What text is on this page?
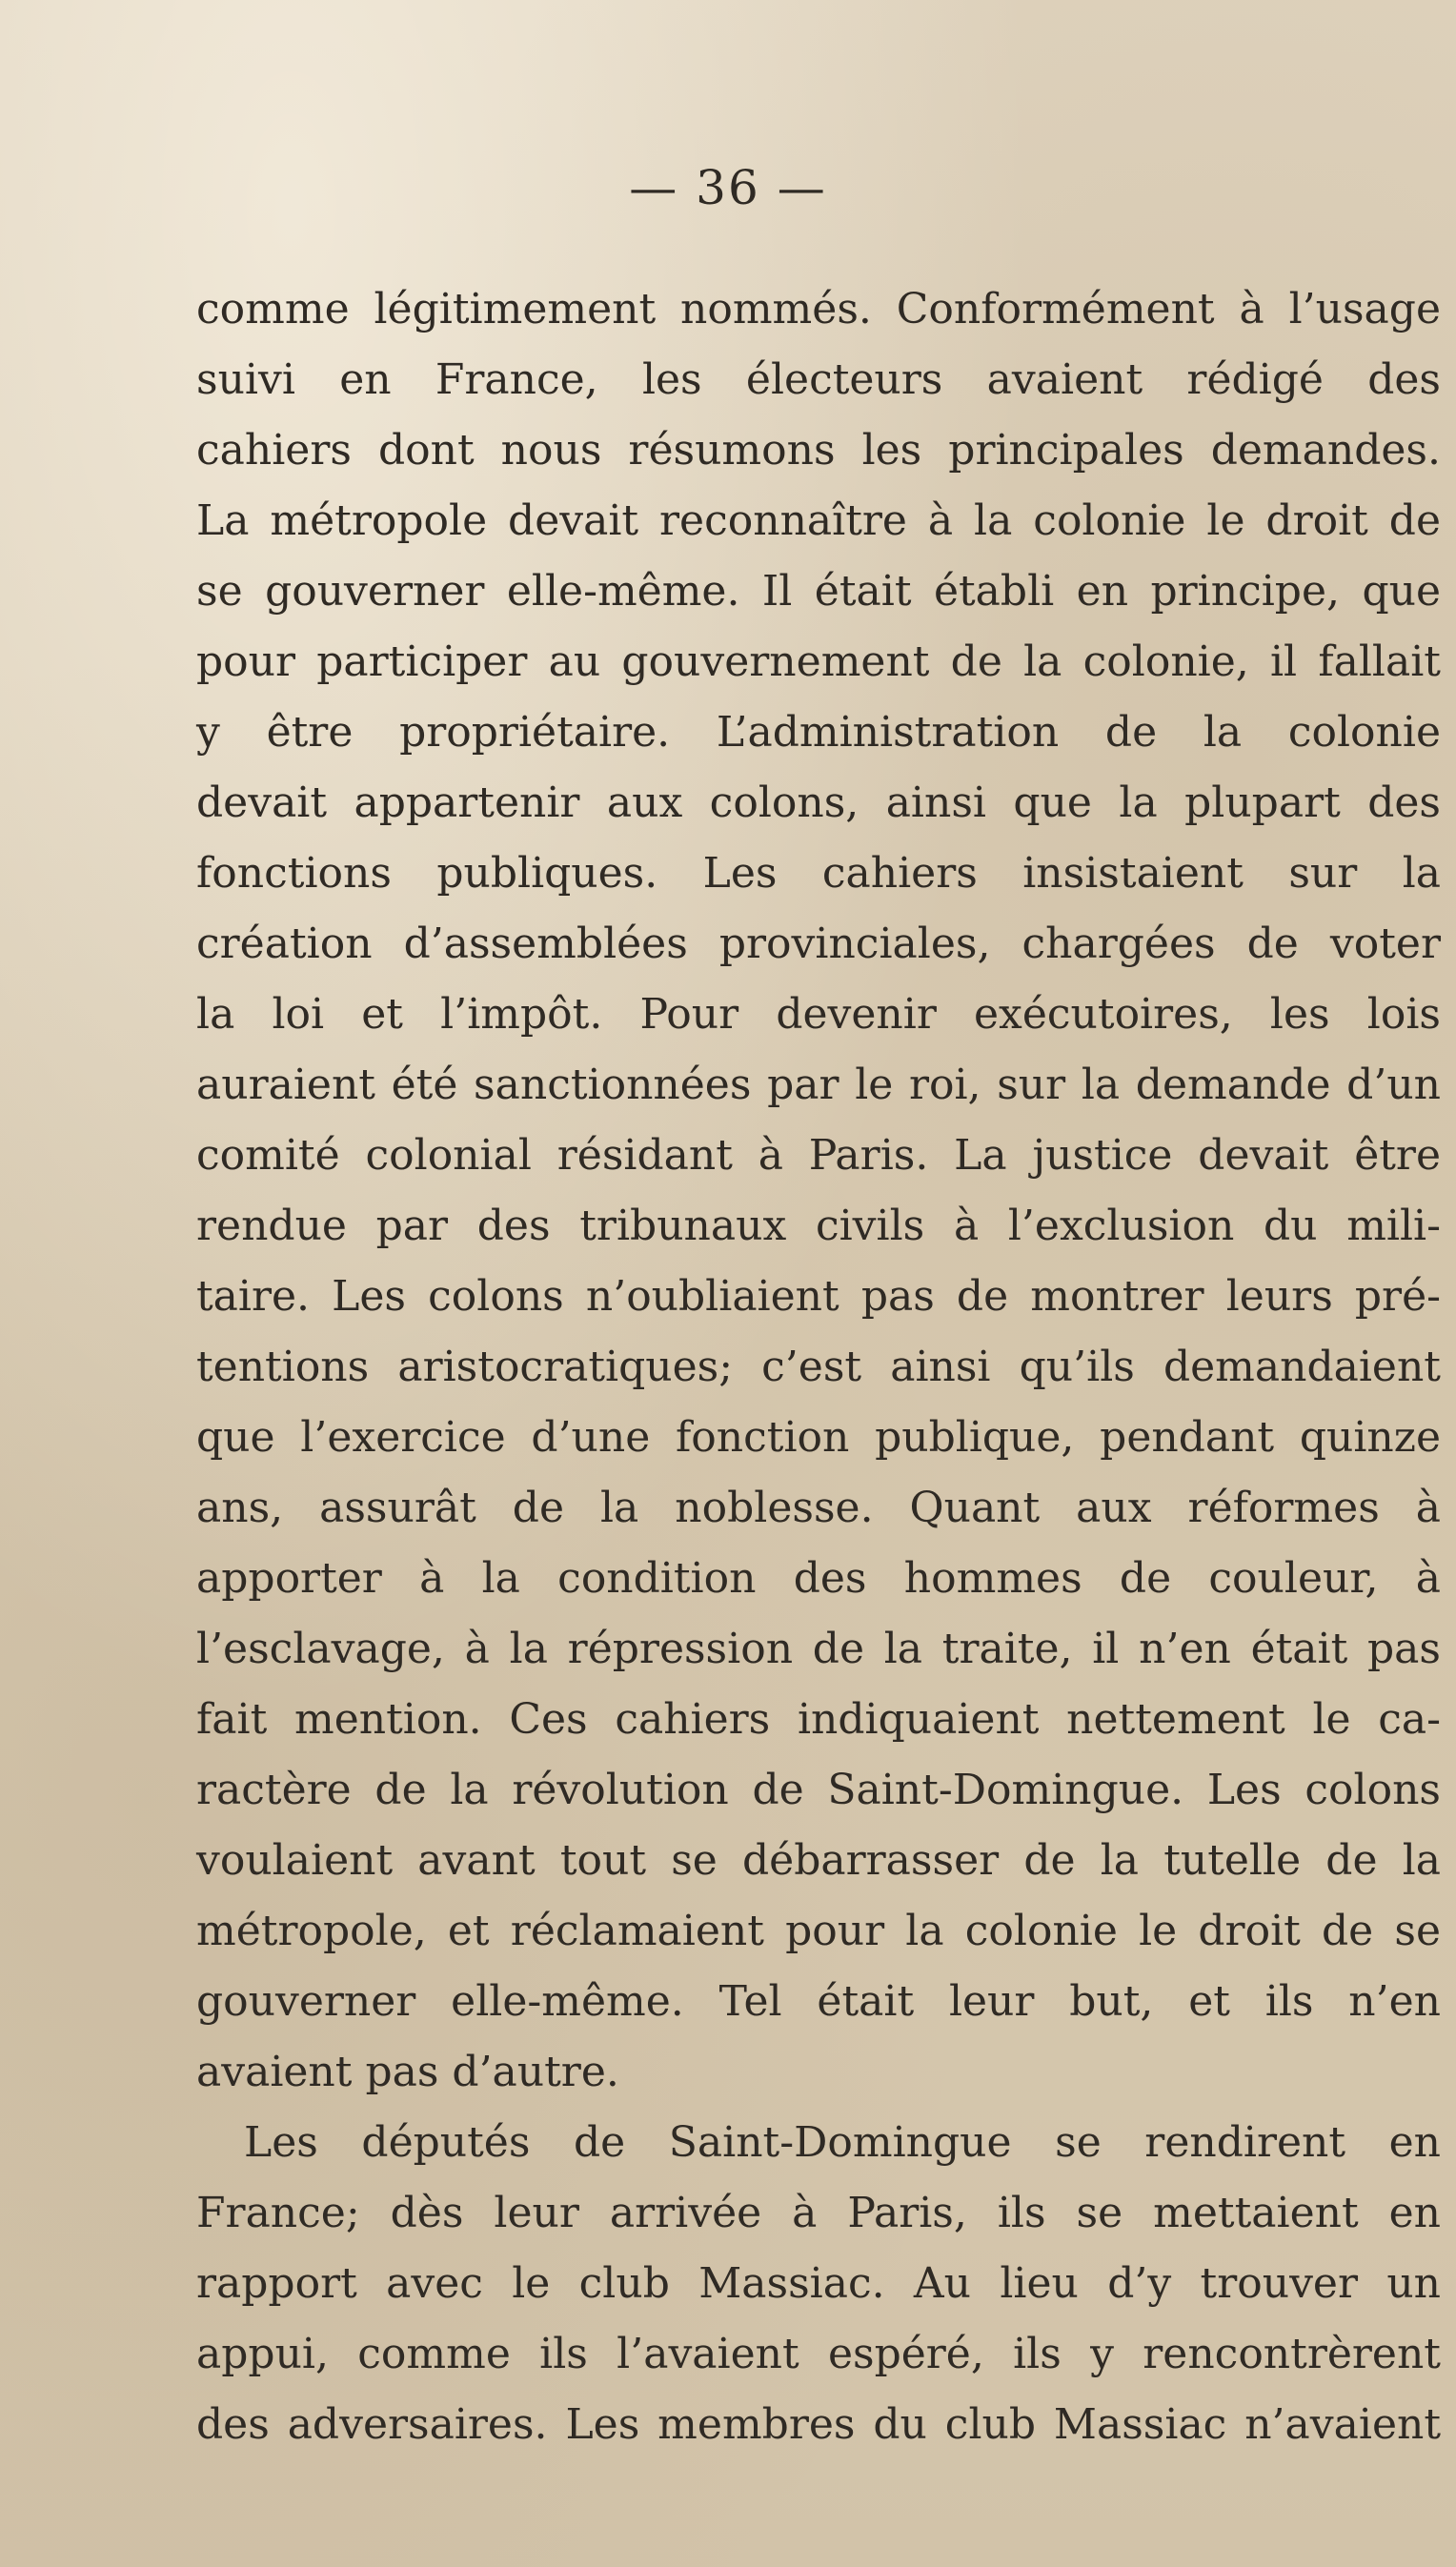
— 36 —
comme légitimement nommés. Conformément à l’usage
suivi en France, les électeurs avaient rédigé des
cahiers dont nous résumons les principales demandes.
La métropole devait reconnaître à la colonie le droit de
se gouverner elle-même. Il était établi en principe, que
pour participer au gouvernement de la colonie, il fallait
y être propriétaire. L’administration de la colonie
devait appartenir aux colons, ainsi que la plupart des
fonctions publiques. Les cahiers insistaient sur la
création d’assemblées provinciales, chargées de voter
la loi et l’impôt. Pour devenir exécutoires, les lois
auraient été sanctionnées par le roi, sur la demande d’un
comité colonial résidant à Paris. La justice devait être
rendue par des tribunaux civils à l’exclusion du mili-
taire. Les colons n’oubliaient pas de montrer leurs pré-
tentions aristocratiques; c’est ainsi qu’ils demandaient
que l’exercice d’une fonction publique, pendant quinze
ans, assurât de la noblesse. Quant aux réformes à
apporter à la condition des hommes de couleur, à
l’esclavage, à la répression de la traite, il n’en était pas
fait mention. Ces cahiers indiquaient nettement le ca-
ractère de la révolution de Saint-Domingue. Les colons
voulaient avant tout se débarrasser de la tutelle de la
métropole, et réclamaient pour la colonie le droit de se
gouverner elle-même. Tel était leur but, et ils n’en
avaient pas d’autre.
Les députés de Saint-Domingue se rendirent en
France; dès leur arrivée à Paris, ils se mettaient en
rapport avec le club Massiac. Au lieu d’y trouver un
appui, comme ils l’avaient espéré, ils y rencontrèrent
des adversaires. Les membres du club Massiac n’avaient
